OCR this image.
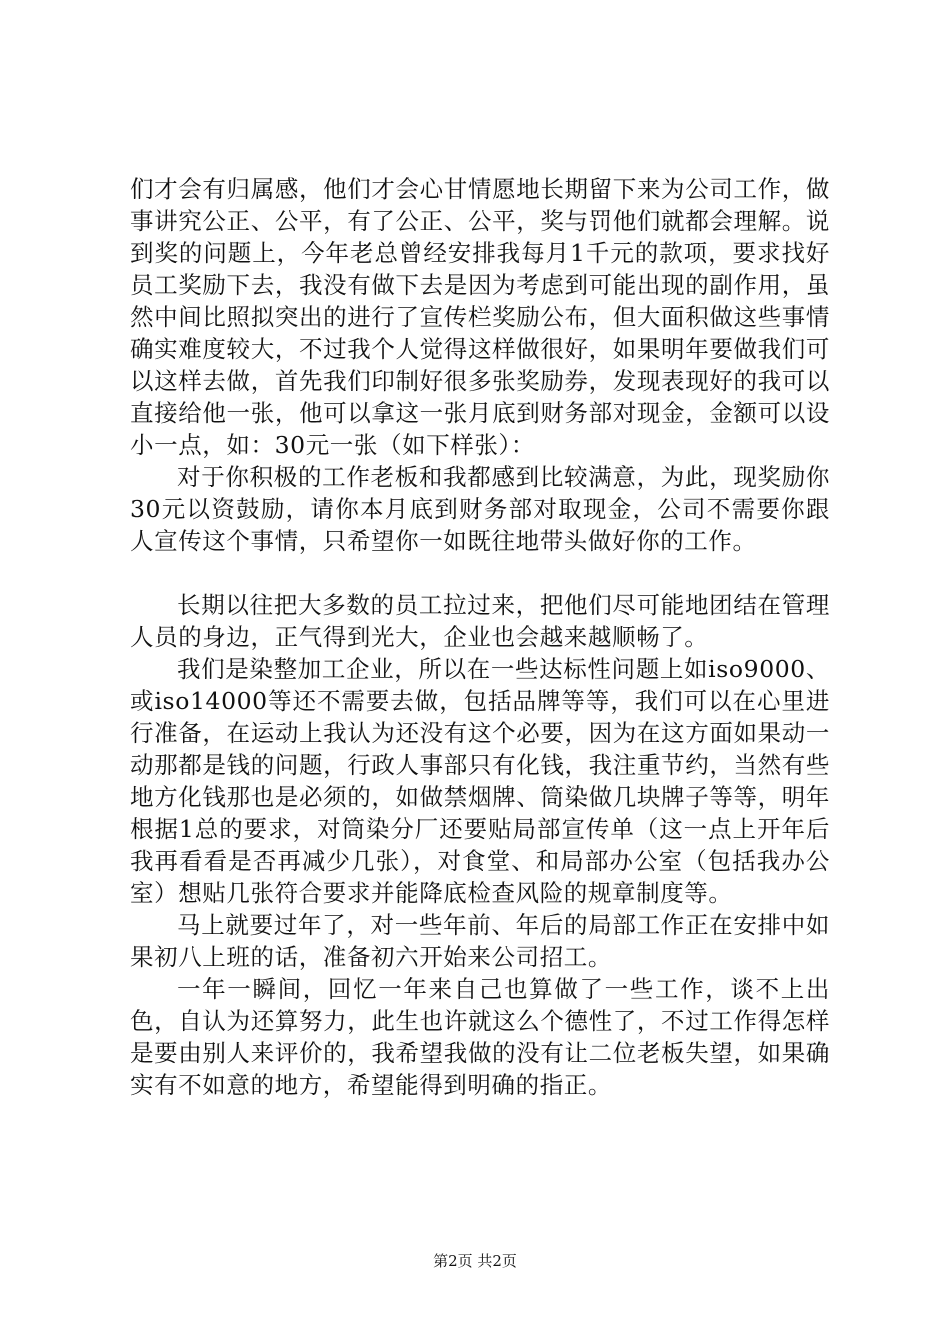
们才会有归属感，他们才会心甘情愿地长期留下来为公司工作，做事讲究公正、公平，有了公正、公平，奖与罚他们就都会理解。说到奖的问题上，今年老总曾经安排我每月1千元的款项，要求找好员工奖励下去，我没有做下去是因为考虑到可能出现的副作用，虽然中间比照拟突出的进行了宣传栏奖励公布，但大面积做这些事情确实难度较大，不过我个人觉得这样做很好，如果明年要做我们可以这样去做，首先我们印制好很多张奖励券，发现表现好的我可以直接给他一张，他可以拿这一张月底到财务部对现金，金额可以设小一点，如：30元一张（如下样张）：

对于你积极的工作老板和我都感到比较满意，为此，现奖励你30元以资鼓励，请你本月底到财务部对取现金，公司不需要你跟人宣传这个事情，只希望你一如既往地带头做好你的工作。

长期以往把大多数的员工拉过来，把他们尽可能地团结在管理人员的身边，正气得到光大，企业也会越来越顺畅了。

我们是染整加工企业，所以在一些达标性问题上如iso9000、或iso14000等还不需要去做，包括品牌等等，我们可以在心里进行准备，在运动上我认为还没有这个必要，因为在这方面如果动一动那都是钱的问题，行政人事部只有化钱，我注重节约，当然有些地方化钱那也是必须的，如做禁烟牌、筒染做几块牌子等等，明年根据1总的要求，对筒染分厂还要贴局部宣传单（这一点上开年后我再看看是否再减少几张），对食堂、和局部办公室（包括我办公室）想贴几张符合要求并能降底检查风险的规章制度等。

马上就要过年了，对一些年前、年后的局部工作正在安排中如果初八上班的话，准备初六开始来公司招工。

一年一瞬间，回忆一年来自己也算做了一些工作，谈不上出色，自认为还算努力，此生也许就这么个德性了，不过工作得怎样是要由别人来评价的，我希望我做的没有让二位老板失望，如果确实有不如意的地方，希望能得到明确的指正。

第2页 共2页
